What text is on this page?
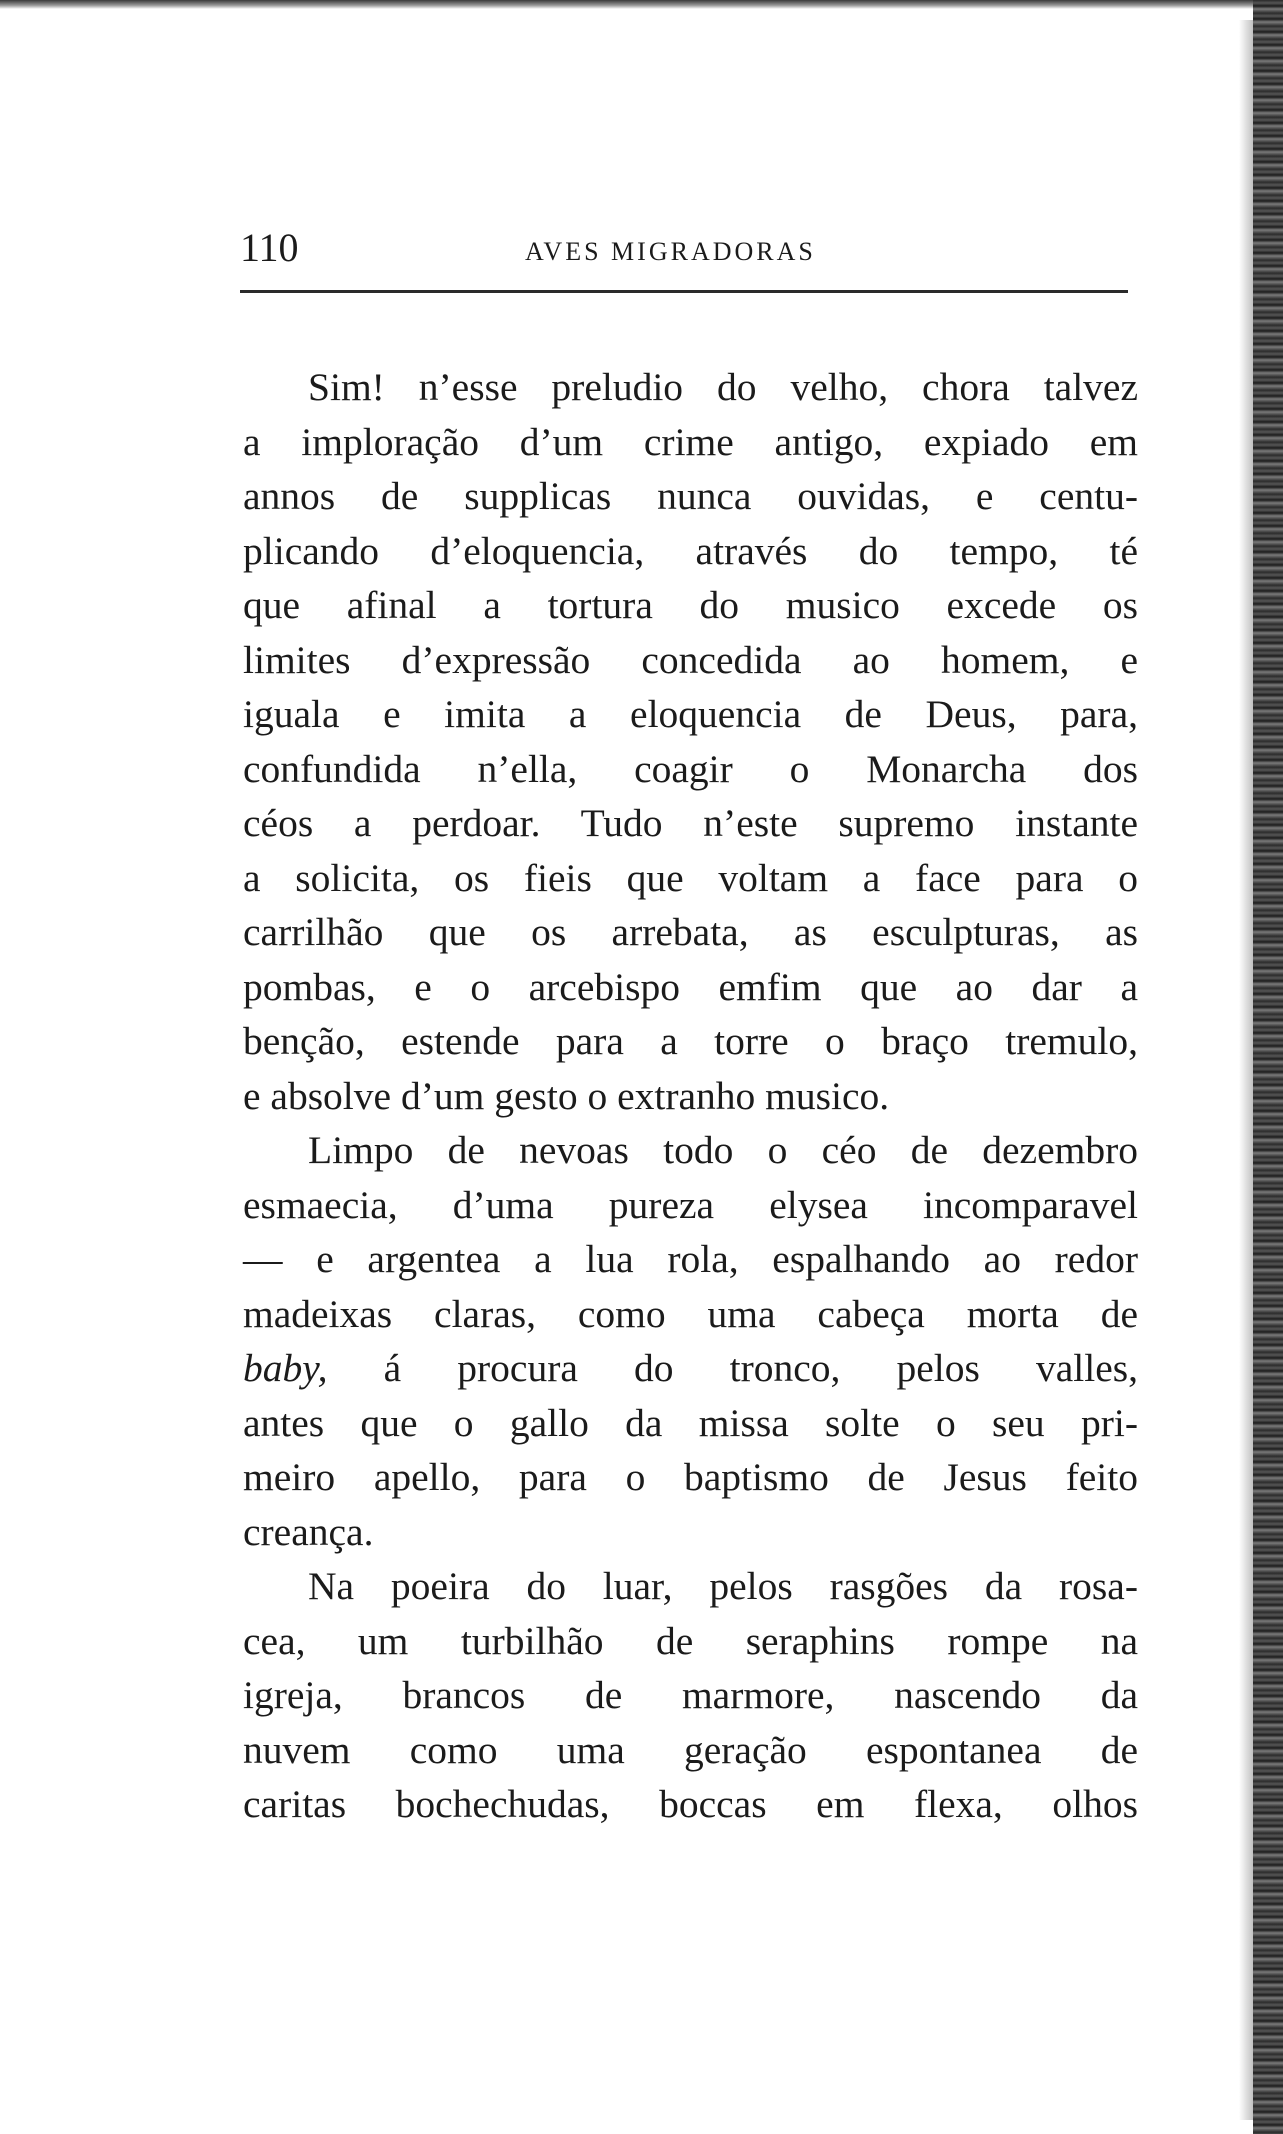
110	AVES MIGRADORAS
Sim! n’esse preludio do velho, chora talvez
a imploração d’um crime antigo, expiado em
annos de supplicas nunca ouvidas, e centu-
plicando d’eloquencia, através do tempo, té
que afinal a tortura do musico excede os
limites d’expressão concedida ao homem, e
iguala e imita a eloquencia de Deus, para,
confundida n’ella, coagir o Monarcha dos
céos a perdoar. Tudo n’este supremo instante
a solicita, os fieis que voltam a face para o
carrilhão que os arrebata, as esculpturas, as
pombas, e o arcebispo emfim que ao dar a
benção, estende para a torre o braço tremulo,
e absolve d’um gesto o extranho musico.
Limpo de nevoas todo o céo de dezembro
esmaecia, d’uma pureza elysea incomparavel
— e argentea a lua rola, espalhando ao redor
madeixas claras, como uma cabeça morta de
baby, á procura do tronco, pelos valles,
antes que o gallo da missa solte o seu pri-
meiro apello, para o baptismo de Jesus feito
creança.
Na poeira do luar, pelos rasgões da rosa-
cea, um turbilhão de seraphins rompe na
igreja, brancos de marmore, nascendo da
nuvem como uma geração espontanea de
caritas bochechudas, boccas em flexa, olhos
